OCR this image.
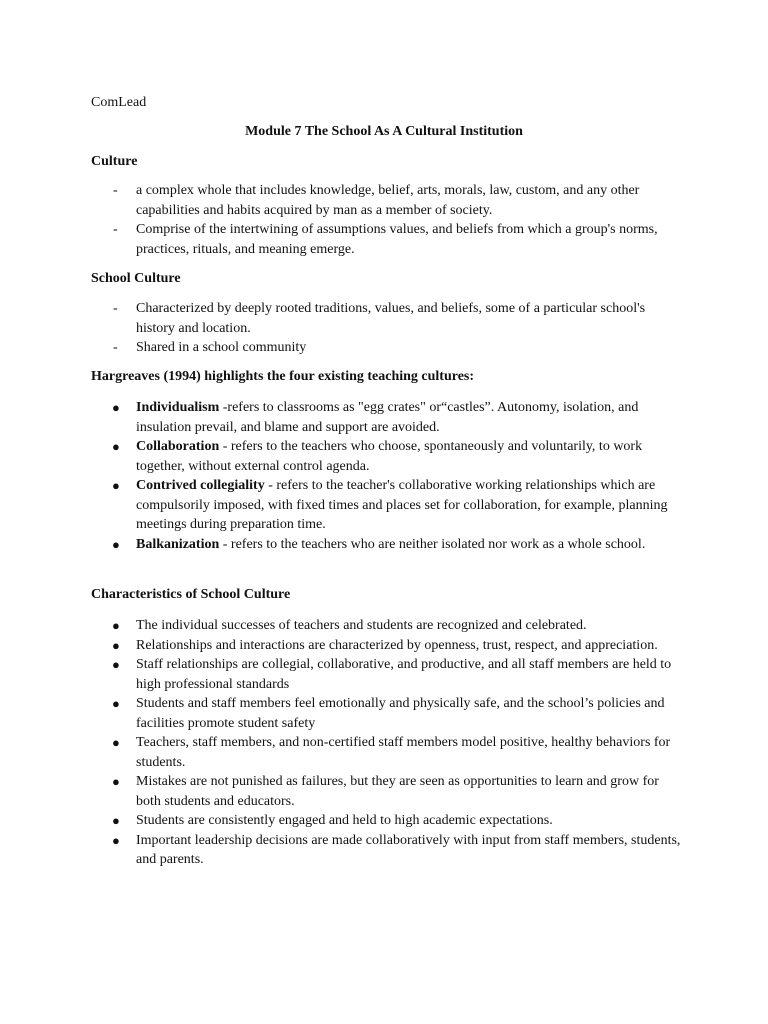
ComLead

Module 7 The School As A Cultural Institution

Culture

- a complex whole that includes knowledge, belief, arts, morals, law, custom, and any other capabilities and habits acquired by man as a member of society.
- Comprise of the intertwining of assumptions values, and beliefs from which a group's norms, practices, rituals, and meaning emerge.

School Culture

- Characterized by deeply rooted traditions, values, and beliefs, some of a particular school's history and location.
- Shared in a school community

Hargreaves (1994) highlights the four existing teaching cultures:

● Individualism -refers to classrooms as "egg crates" or“castles”. Autonomy, isolation, and insulation prevail, and blame and support are avoided.
● Collaboration - refers to the teachers who choose, spontaneously and voluntarily, to work together, without external control agenda.
● Contrived collegiality - refers to the teacher's collaborative working relationships which are compulsorily imposed, with fixed times and places set for collaboration, for example, planning meetings during preparation time.
● Balkanization - refers to the teachers who are neither isolated nor work as a whole school.

Characteristics of School Culture

● The individual successes of teachers and students are recognized and celebrated.
● Relationships and interactions are characterized by openness, trust, respect, and appreciation.
● Staff relationships are collegial, collaborative, and productive, and all staff members are held to high professional standards
● Students and staff members feel emotionally and physically safe, and the school’s policies and facilities promote student safety
● Teachers, staff members, and non-certified staff members model positive, healthy behaviors for students.
● Mistakes are not punished as failures, but they are seen as opportunities to learn and grow for both students and educators.
● Students are consistently engaged and held to high academic expectations.
● Important leadership decisions are made collaboratively with input from staff members, students, and parents.
